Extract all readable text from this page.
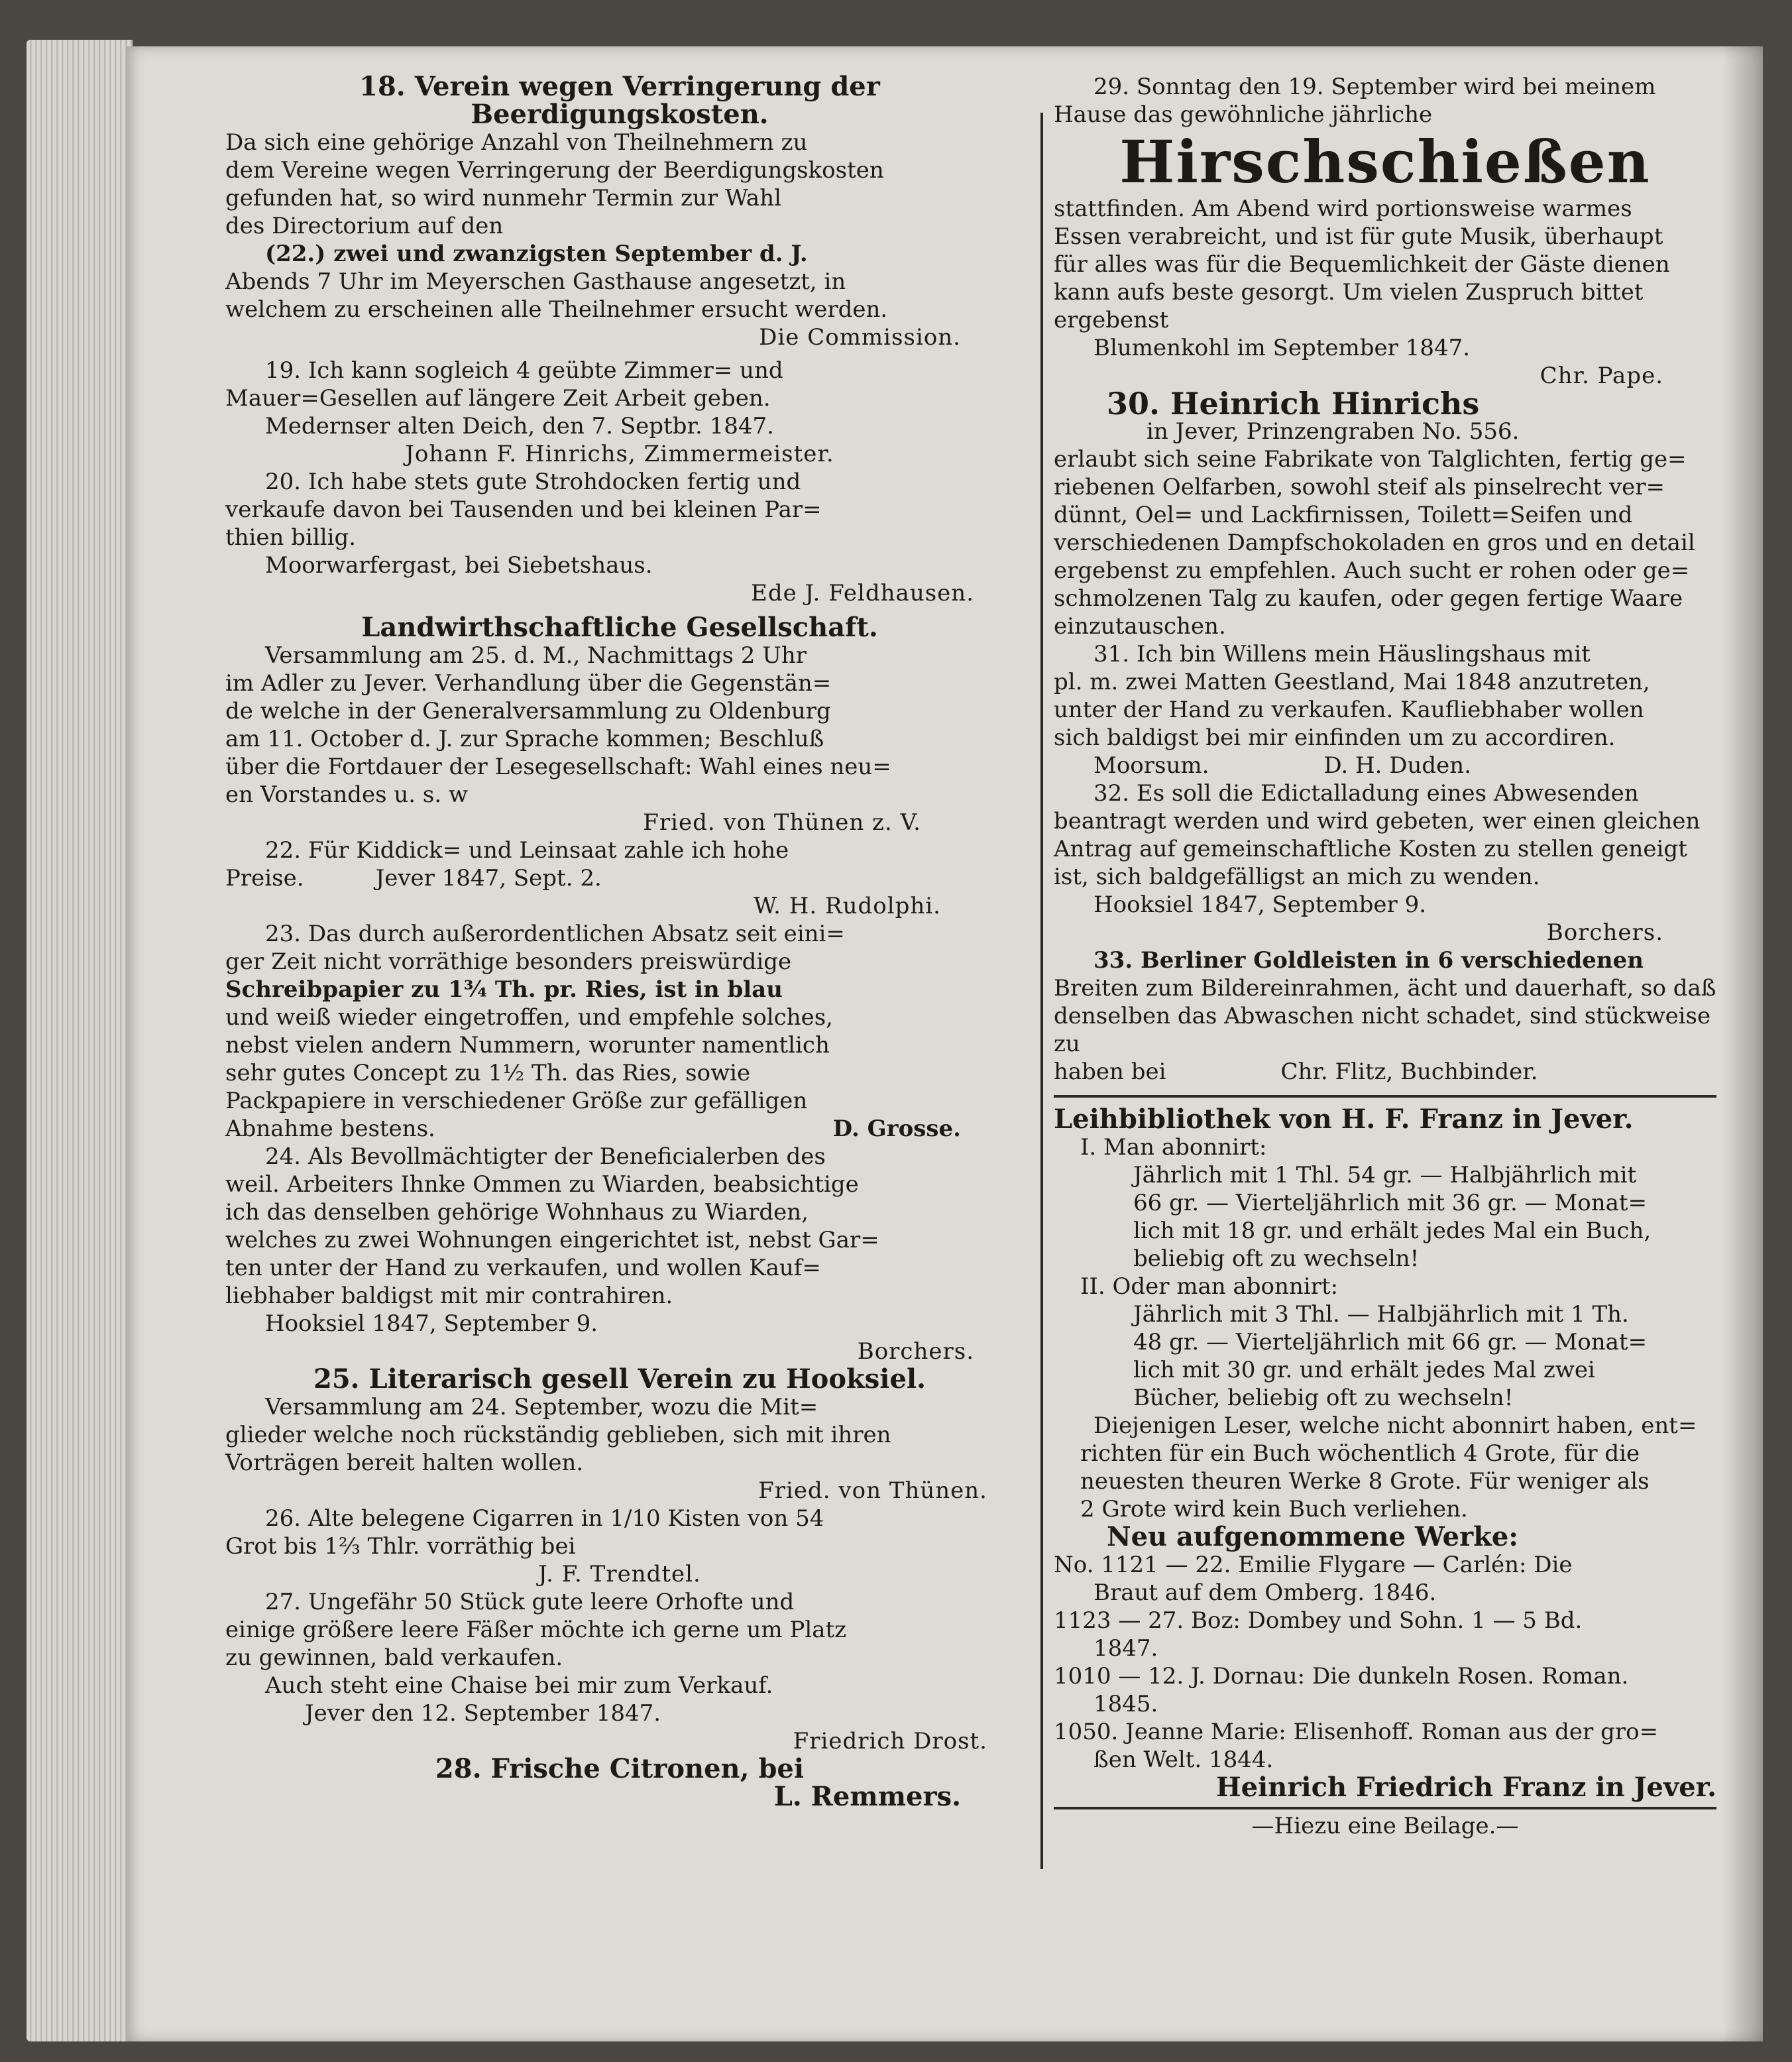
18. Verein wegen Verringerung der

Beerdigungskosten.

Da sich eine gehörige Anzahl von Theilnehmern zu

dem Vereine wegen Verringerung der Beerdigungskosten

gefunden hat, so wird nunmehr Termin zur Wahl

des Directorium auf den

(22.) zwei und zwanzigsten September d. J.

Abends 7 Uhr im Meyerschen Gasthause angesetzt, in

welchem zu erscheinen alle Theilnehmer ersucht werden.

Die Commission.

19. Ich kann sogleich 4 geübte Zimmer= und

Mauer=Gesellen auf längere Zeit Arbeit geben.

Medernser alten Deich, den 7. Septbr. 1847.

Johann F. Hinrichs, Zimmermeister.

20. Ich habe stets gute Strohdocken fertig und

verkaufe davon bei Tausenden und bei kleinen Par=

thien billig.

Moorwarfergast, bei Siebetshaus.

Ede J. Feldhausen.

Landwirthschaftliche Gesellschaft.

Versammlung am 25. d. M., Nachmittags 2 Uhr

im Adler zu Jever. Verhandlung über die Gegenstän=

de welche in der Generalversammlung zu Oldenburg

am 11. October d. J. zur Sprache kommen; Beschluß

über die Fortdauer der Lesegesellschaft: Wahl eines neu=

en Vorstandes u. s. w

Fried. von Thünen z. V.

22. Für Kiddick= und Leinsaat zahle ich hohe

Preise.          Jever 1847, Sept. 2.

W. H. Rudolphi.

23. Das durch außerordentlichen Absatz seit eini=

ger Zeit nicht vorräthige besonders preiswürdige

Schreibpapier zu 1¾ Th. pr. Ries, ist in blau

und weiß wieder eingetroffen, und empfehle solches,

nebst vielen andern Nummern, worunter namentlich

sehr gutes Concept zu 1½ Th. das Ries, sowie

Packpapiere in verschiedener Größe zur gefälligen

Abnahme bestens.	D. Grosse.

24. Als Bevollmächtigter der Beneficialerben des

weil. Arbeiters Ihnke Ommen zu Wiarden, beabsichtige

ich das denselben gehörige Wohnhaus zu Wiarden,

welches zu zwei Wohnungen eingerichtet ist, nebst Gar=

ten unter der Hand zu verkaufen, und wollen Kauf=

liebhaber baldigst mit mir contrahiren.

Hooksiel 1847, September 9.

Borchers.

25. Literarisch gesell Verein zu Hooksiel.

Versammlung am 24. September, wozu die Mit=

glieder welche noch rückständig geblieben, sich mit ihren

Vorträgen bereit halten wollen.

Fried. von Thünen.

26. Alte belegene Cigarren in 1/10 Kisten von 54

Grot bis 1⅔ Thlr. vorräthig bei

J. F. Trendtel.

27. Ungefähr 50 Stück gute leere Orhofte und

einige größere leere Fäßer möchte ich gerne um Platz

zu gewinnen, bald verkaufen.

Auch steht eine Chaise bei mir zum Verkauf.

Jever den 12. September 1847.

Friedrich Drost.

28. Frische Citronen, bei

L. Remmers.

29. Sonntag den 19. September wird bei meinem

Hause das gewöhnliche jährliche

Hirschschießen

stattfinden. Am Abend wird portionsweise warmes

Essen verabreicht, und ist für gute Musik, überhaupt

für alles was für die Bequemlichkeit der Gäste dienen

kann aufs beste gesorgt. Um vielen Zuspruch bittet

ergebenst

Blumenkohl im September 1847.

Chr. Pape.

30. Heinrich Hinrichs

in Jever, Prinzengraben No. 556.

erlaubt sich seine Fabrikate von Talglichten, fertig ge=

riebenen Oelfarben, sowohl steif als pinselrecht ver=

dünnt, Oel= und Lackfirnissen, Toilett=Seifen und

verschiedenen Dampfschokoladen en gros und en detail

ergebenst zu empfehlen. Auch sucht er rohen oder ge=

schmolzenen Talg zu kaufen, oder gegen fertige Waare

einzutauschen.

31. Ich bin Willens mein Häuslingshaus mit

pl. m. zwei Matten Geestland, Mai 1848 anzutreten,

unter der Hand zu verkaufen. Kaufliebhaber wollen

sich baldigst bei mir einfinden um zu accordiren.

Moorsum.                D. H. Duden.

32. Es soll die Edictalladung eines Abwesenden

beantragt werden und wird gebeten, wer einen gleichen

Antrag auf gemeinschaftliche Kosten zu stellen geneigt

ist, sich baldgefälligst an mich zu wenden.

Hooksiel 1847, September 9.

Borchers.

33. Berliner Goldleisten in 6 verschiedenen

Breiten zum Bildereinrahmen, ächt und dauerhaft, so daß

denselben das Abwaschen nicht schadet, sind stückweise zu

haben bei                Chr. Flitz, Buchbinder.

Leihbibliothek von H. F. Franz in Jever.

I. Man abonnirt:

Jährlich mit 1 Thl. 54 gr. — Halbjährlich mit

66 gr. — Vierteljährlich mit 36 gr. — Monat=

lich mit 18 gr. und erhält jedes Mal ein Buch,

beliebig oft zu wechseln!

II. Oder man abonnirt:

Jährlich mit 3 Thl. — Halbjährlich mit 1 Th.

48 gr. — Vierteljährlich mit 66 gr. — Monat=

lich mit 30 gr. und erhält jedes Mal zwei

Bücher, beliebig oft zu wechseln!

Diejenigen Leser, welche nicht abonnirt haben, ent=

richten für ein Buch wöchentlich 4 Grote, für die

neuesten theuren Werke 8 Grote. Für weniger als

2 Grote wird kein Buch verliehen.

Neu aufgenommene Werke:

No. 1121 — 22. Emilie Flygare — Carlén: Die

Braut auf dem Omberg. 1846.

1123 — 27. Boz: Dombey und Sohn. 1 — 5 Bd.

1847.

1010 — 12. J. Dornau: Die dunkeln Rosen. Roman.

1845.

1050. Jeanne Marie: Elisenhoff. Roman aus der gro=

ßen Welt. 1844.

Heinrich Friedrich Franz in Jever.

—Hiezu eine Beilage.—
